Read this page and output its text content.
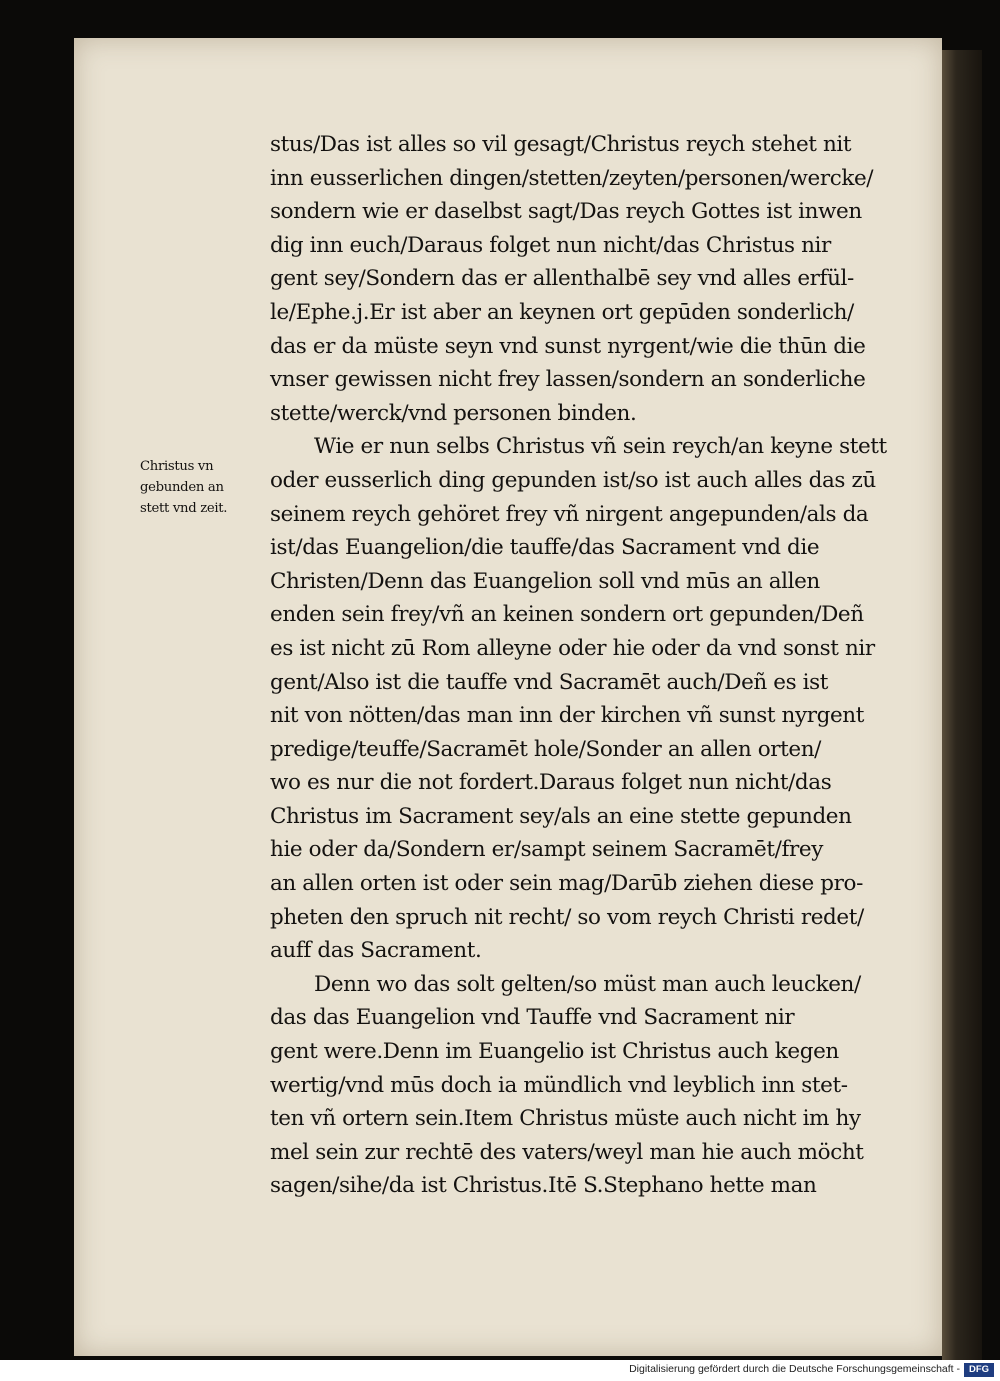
Christus vn
gebunden an
stett vnd zeit.
stus/Das ist alles so vil gesagt/Christus reych stehet nit
inn eusserlichen dingen/stetten/zeyten/personen/wercke/
sondern wie er daselbst sagt/Das reych Gottes ist inwen
dig inn euch/Daraus folget nun nicht/das Christus nir
gent sey/Sondern das er allenthalbē sey vnd alles erfül-
le/Ephe.j.Er ist aber an keynen ort gepūden sonderlich/
das er da müste seyn vnd sunst nyrgent/wie die thūn die
vnser gewissen nicht frey lassen/sondern an sonderliche
stette/werck/vnd personen binden.
Wie er nun selbs Christus vñ sein reych/an keyne stett
oder eusserlich ding gepunden ist/so ist auch alles das zū
seinem reych gehöret frey vñ nirgent angepunden/als da
ist/das Euangelion/die tauffe/das Sacrament vnd die
Christen/Denn das Euangelion soll vnd mūs an allen
enden sein frey/vñ an keinen sondern ort gepunden/Deñ
es ist nicht zū Rom alleyne oder hie oder da vnd sonst nir
gent/Also ist die tauffe vnd Sacramēt auch/Deñ es ist
nit von nötten/das man inn der kirchen vñ sunst nyrgent
predige/teuffe/Sacramēt hole/Sonder an allen orten/
wo es nur die not fordert.Daraus folget nun nicht/das
Christus im Sacrament sey/als an eine stette gepunden
hie oder da/Sondern er/sampt seinem Sacramēt/frey
an allen orten ist oder sein mag/Darūb ziehen diese pro-
pheten den spruch nit recht/ so vom reych Christi redet/
auff das Sacrament.
Denn wo das solt gelten/so müst man auch leucken/
das das Euangelion vnd Tauffe vnd Sacrament nir
gent were.Denn im Euangelio ist Christus auch kegen
wertig/vnd mūs doch ia mündlich vnd leyblich inn stet-
ten vñ ortern sein.Item Christus müste auch nicht im hy
mel sein zur rechtē des vaters/weyl man hie auch möcht
sagen/sihe/da ist Christus.Itē S.Stephano hette man
Digitalisierung gefördert durch die Deutsche Forschungsgemeinschaft - DFG
